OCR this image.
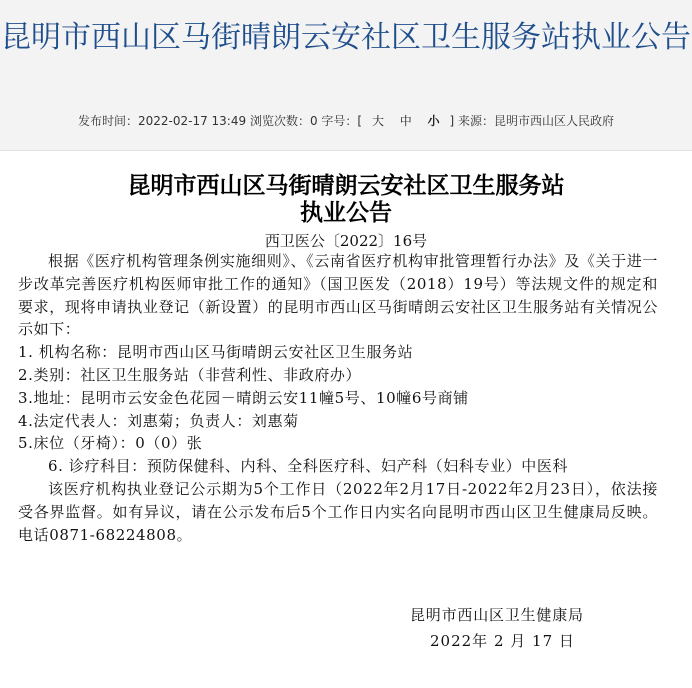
昆明市西山区马街晴朗云安社区卫生服务站执业公告
发布时间：2022-02-17 13:49 浏览次数：0 字号：[ 大 中 小 ] 来源：昆明市西山区人民政府
昆明市西山区马街晴朗云安社区卫生服务站
执业公告
西卫医公〔2022〕16号

根据《医疗机构管理条例实施细则》、《云南省医疗机构审批管理暂行办法》及《关于进一步改革完善医疗机构医师审批工作的通知》（国卫医发（2018）19号）等法规文件的规定和要求，现将申请执业登记（新设置）的昆明市西山区马街晴朗云安社区卫生服务站有关情况公示如下：

1. 机构名称：昆明市西山区马街晴朗云安社区卫生服务站

2.类别：社区卫生服务站（非营利性、非政府办）

3.地址：昆明市云安金色花园－晴朗云安11幢5号、10幢6号商铺

4.法定代表人：刘惠菊；负责人：刘惠菊

5.床位（牙椅）：0（0）张

6. 诊疗科目：预防保健科、内科、全科医疗科、妇产科（妇科专业）中医科

该医疗机构执业登记公示期为5个工作日（2022年2月17日-2022年2月23日），依法接受各界监督。如有异议，请在公示发布后5个工作日内实名向昆明市西山区卫生健康局反映。电话0871-68224808。

昆明市西山区卫生健康局
2022年 2 月 17 日
